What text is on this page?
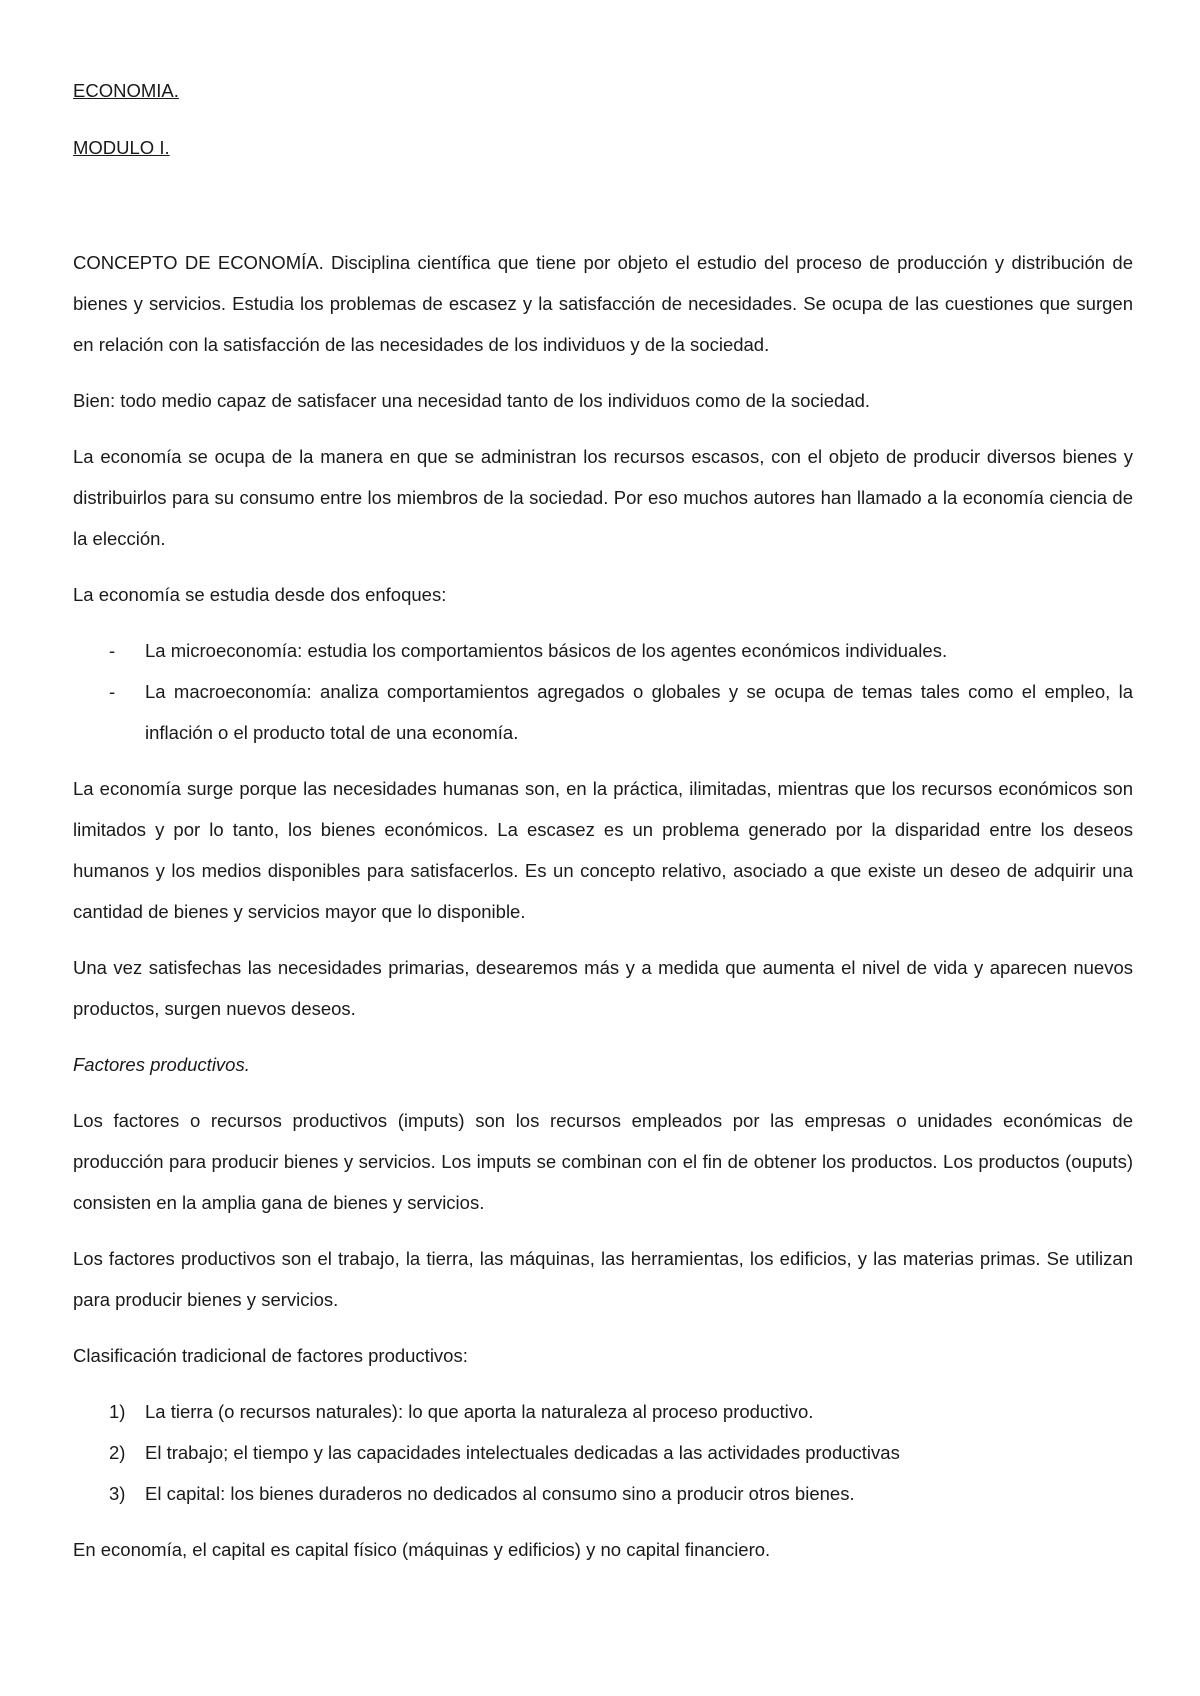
ECONOMIA.
MODULO I.

CONCEPTO DE ECONOMÍA. Disciplina científica que tiene por objeto el estudio del proceso de producción y distribución de bienes y servicios. Estudia los problemas de escasez y la satisfacción de necesidades. Se ocupa de las cuestiones que surgen en relación con la satisfacción de las necesidades de los individuos y de la sociedad.

Bien: todo medio capaz de satisfacer una necesidad tanto de los individuos como de la sociedad.

La economía se ocupa de la manera en que se administran los recursos escasos, con el objeto de producir diversos bienes y distribuirlos para su consumo entre los miembros de la sociedad. Por eso muchos autores han llamado a la economía ciencia de la elección.

La economía se estudia desde dos enfoques:

- La microeconomía: estudia los comportamientos básicos de los agentes económicos individuales.
- La macroeconomía: analiza comportamientos agregados o globales y se ocupa de temas tales como el empleo, la inflación o el producto total de una economía.

La economía surge porque las necesidades humanas son, en la práctica, ilimitadas, mientras que los recursos económicos son limitados y por lo tanto, los bienes económicos. La escasez es un problema generado por la disparidad entre los deseos humanos y los medios disponibles para satisfacerlos. Es un concepto relativo, asociado a que existe un deseo de adquirir una cantidad de bienes y servicios mayor que lo disponible.

Una vez satisfechas las necesidades primarias, desearemos más y a medida que aumenta el nivel de vida y aparecen nuevos productos, surgen nuevos deseos.

Factores productivos.

Los factores o recursos productivos (imputs) son los recursos empleados por las empresas o unidades económicas de producción para producir bienes y servicios. Los imputs se combinan con el fin de obtener los productos. Los productos (ouputs) consisten en la amplia gana de bienes y servicios.

Los factores productivos son el trabajo, la tierra, las máquinas, las herramientas, los edificios, y las materias primas. Se utilizan para producir bienes y servicios.

Clasificación tradicional de factores productivos:

1) La tierra (o recursos naturales): lo que aporta la naturaleza al proceso productivo.
2) El trabajo; el tiempo y las capacidades intelectuales dedicadas a las actividades productivas
3) El capital: los bienes duraderos no dedicados al consumo sino a producir otros bienes.

En economía, el capital es capital físico (máquinas y edificios) y no capital financiero.
